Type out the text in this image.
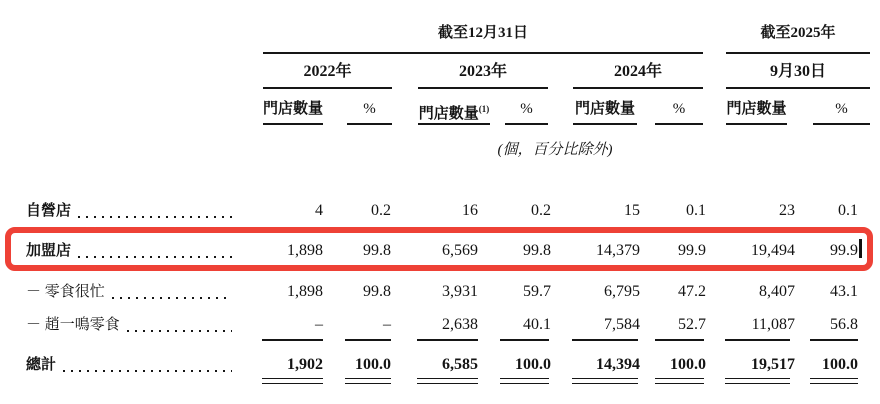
截至12月31日	截至2025年
2022年	2023年	2024年	9月30日
門店數量	%	門店數量$^{(1)}$	%	門店數量	%	門店數量	%
(個，百分比除外)
自營店	4	0.2	16	0.2	15	0.1	23	0.1
加盟店	1,898	99.8	6,569	99.8	14,379	99.9	19,494	99.9
－ 零食很忙	1,898	99.8	3,931	59.7	6,795	47.2	8,407	43.1
－ 趙一鳴零食	–	–	2,638	40.1	7,584	52.7	11,087	56.8
總計	1,902	100.0	6,585	100.0	14,394	100.0	19,517	100.0
